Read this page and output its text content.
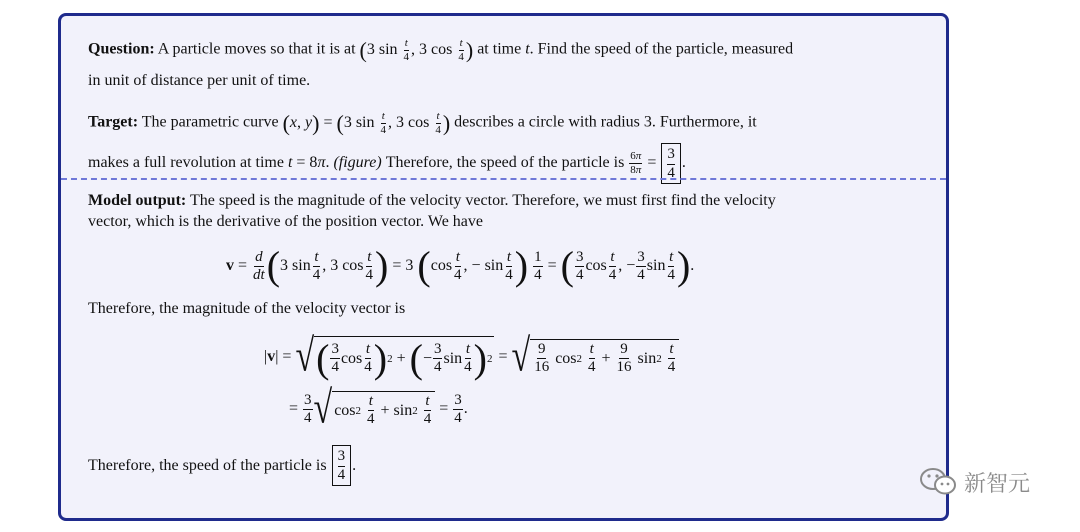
Question: A particle moves so that it is at (3 $\sin \frac{t}{4}$ , 3 $\cos \frac{t}{4}$ ) at time t. Find the speed of the particle, measured
in unit of distance per unit of time.

Target: The parametric curve (x, y) = (3 $\sin \frac{t}{4}$ , 3 $\cos \frac{t}{4}$ ) describes a circle with radius 3. Furthermore, it
makes a full revolution at time t = 8π. (figure) Therefore, the speed of the particle is $\frac{6\pi}{8\pi} = \frac{3}{4}$ .

Model output: The speed is the magnitude of the velocity vector. Therefore, we must first find the velocity
vector, which is the derivative of the position vector. We have

v =
d
dt ( 3 sin
t
4
, 3 cos
t
4 ) = 3 ( cos
t
4
, − sin
t
4 )
1
4
= ( 3
4
cos
t
4
, −
3
4
sin
t
4 ) .

Therefore, the magnitude of the velocity vector is

| v | = √ ( 3
4
cos
t
4 ) 2 + ( −
3
4
sin
t
4 ) 2 = √ 9
16
cos 2

t
4
+
9
16
sin 2

t
4
=
3
4 √ cos 2

t
4
+ sin 2

t
4
=
3
4
.

Therefore, the speed of the particle is

3
4
.

新智元
